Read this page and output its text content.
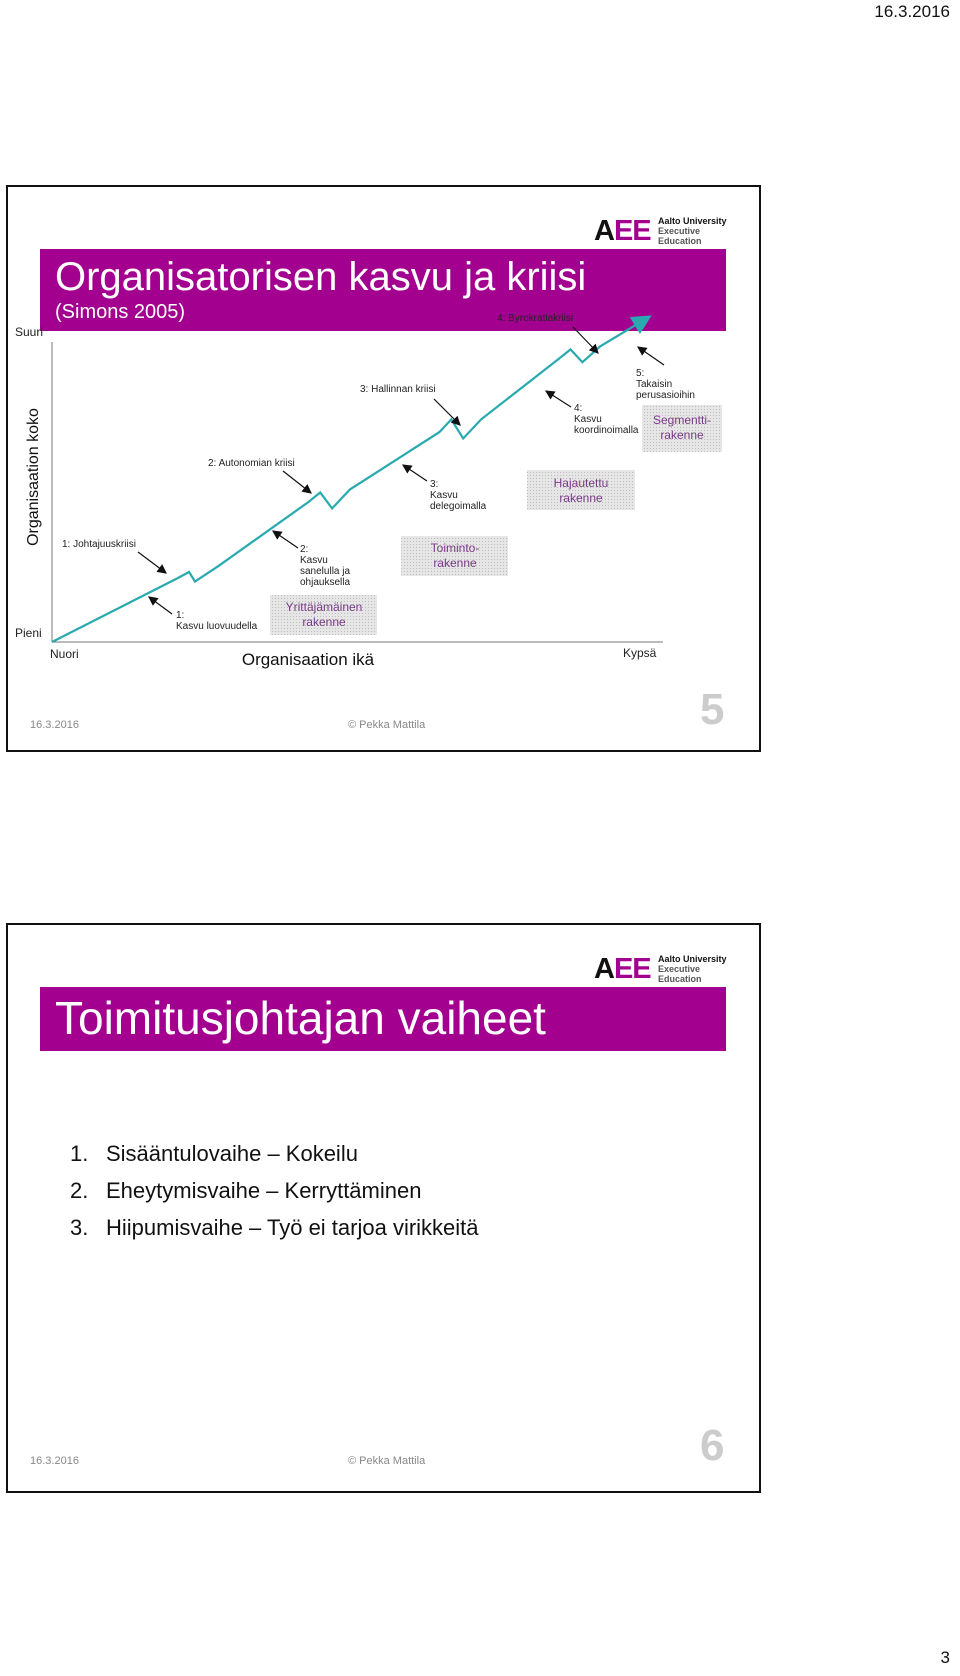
16.3.2016
AEE Aalto University
Executive Education
Organisatorisen kasvu ja kriisi
(Simons 2005)
Suuri
Pieni
Nuori	Kypsä
Organisaation ikä
Organisaation koko
Yrittäjämäinen
rakenne
Toiminto-
rakenne
Hajautettu
rakenne
Segmentti-
rakenne
1: Johtajuuskriisi
2: Autonomian kriisi
3: Hallinnan kriisi
4: Byrokratiakriisi
1:
Kasvu luovuudella
2:
Kasvu
sanelulla ja
ohjauksella
3:
Kasvu
delegoimalla
4:
Kasvu
koordinoimalla
5:
Takaisin
perusasioihin
16.3.2016	© Pekka Mattila	5
AEE Aalto University
Executive Education
Toimitusjohtajan vaiheet
1. Sisääntulovaihe – Kokeilu
2. Eheytymisvaihe – Kerryttäminen
3. Hiipumisvaihe – Työ ei tarjoa virikkeitä
16.3.2016	© Pekka Mattila	6
3
